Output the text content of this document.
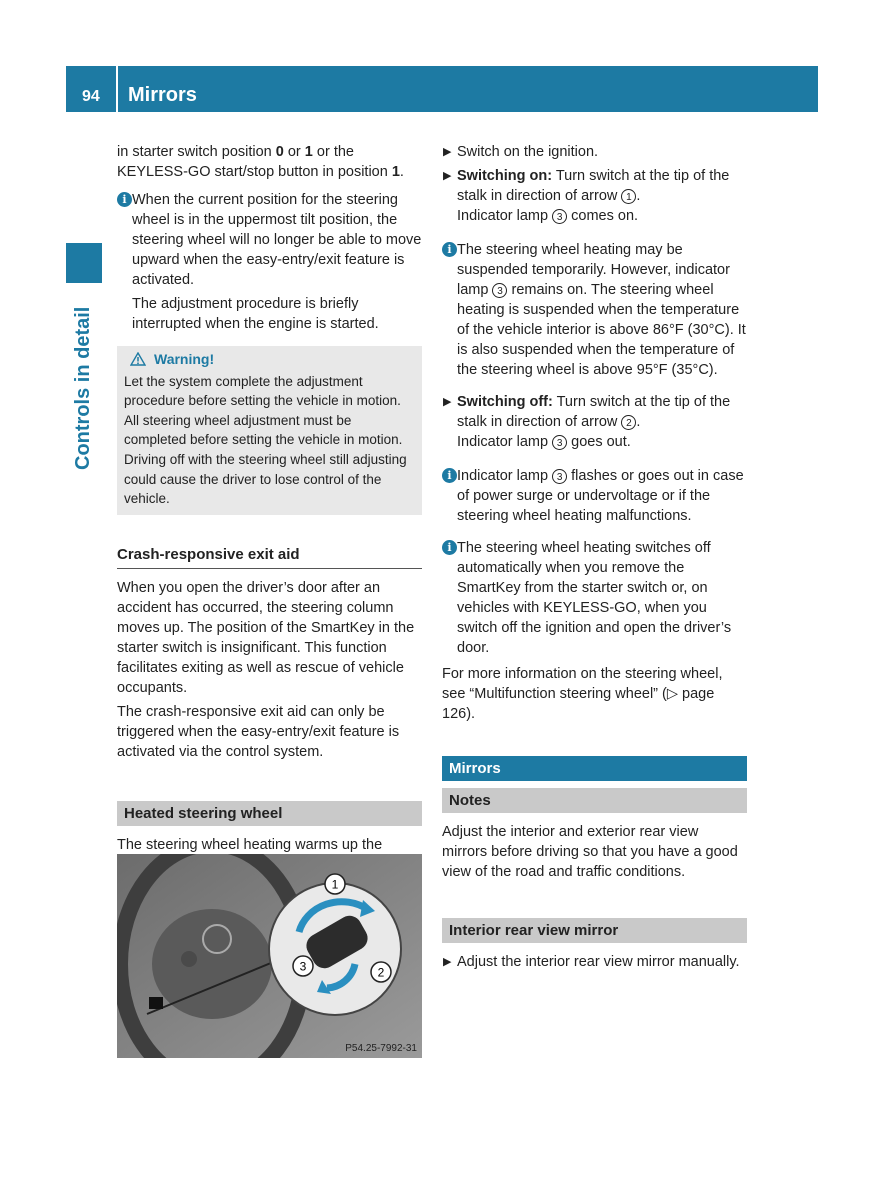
94 Mirrors
Controls in detail

in starter switch position 0 or 1 or the KEYLESS-GO start/stop button in position 1.

i When the current position for the steering wheel is in the uppermost tilt position, the steering wheel will no longer be able to move upward when the easy-entry/exit feature is activated.

The adjustment procedure is briefly interrupted when the engine is started.

Warning!
Let the system complete the adjustment procedure before setting the vehicle in motion. All steering wheel adjustment must be completed before setting the vehicle in motion. Driving off with the steering wheel still adjusting could cause the driver to lose control of the vehicle.
Crash-responsive exit aid

When you open the driver’s door after an accident has occurred, the steering column moves up. The position of the SmartKey in the starter switch is insignificant. This function facilitates exiting as well as rescue of vehicle occupants.

The crash-responsive exit aid can only be triggered when the easy-entry/exit feature is activated via the control system.

Heated steering wheel

The steering wheel heating warms up the

1
2
3
P54.25-7992-31
▶ Switch on the ignition.
▶ Switching on: Turn switch at the tip of the stalk in direction of arrow 1 .
Indicator lamp 3 comes on.
i The steering wheel heating may be suspended temporarily. However, indicator lamp 3 remains on. The steering wheel heating is suspended when the temperature of the vehicle interior is above 86°F (30°C). It is also suspended when the temperature of the steering wheel is above 95°F (35°C).

▶ Switching off: Turn switch at the tip of the stalk in direction of arrow 2 .
Indicator lamp 3 goes out.
i Indicator lamp 3 flashes or goes out in case of power surge or undervoltage or if the steering wheel heating malfunctions.

i The steering wheel heating switches off automatically when you remove the SmartKey from the starter switch or, on vehicles with KEYLESS-GO, when you switch off the ignition and open the driver’s door.

For more information on the steering wheel, see “Multifunction steering wheel” (▷ page 126).

Mirrors
Notes

Adjust the interior and exterior rear view mirrors before driving so that you have a good view of the road and traffic conditions.

Interior rear view mirror
▶ Adjust the interior rear view mirror manually.
